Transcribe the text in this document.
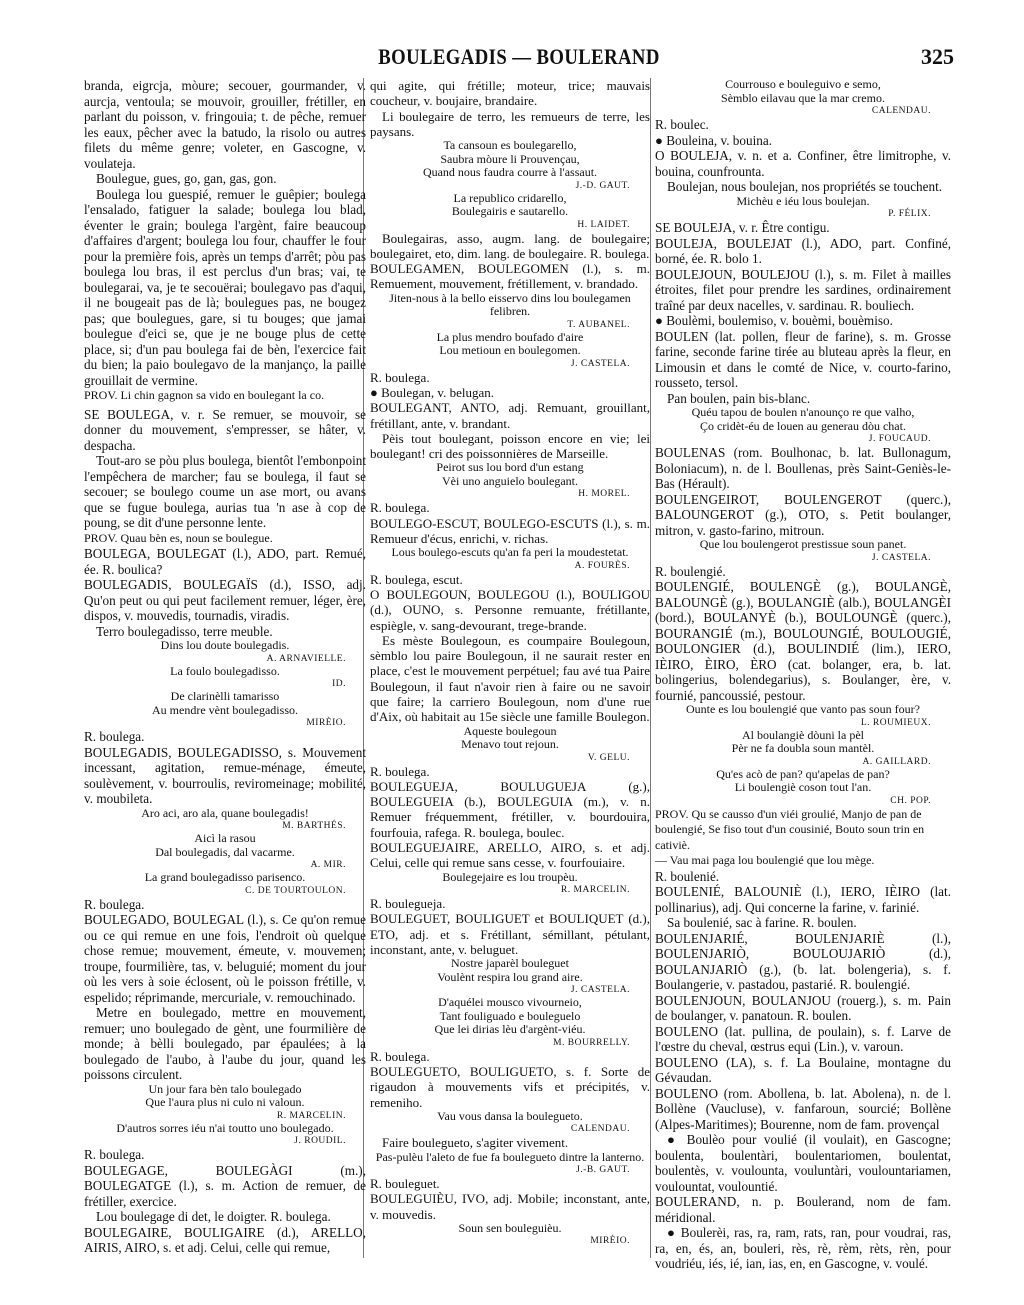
BOULEGADIS — BOULERAND	325
branda, eigrcja, mòure; secouer, gourmander, v. aurcja, ventoula; se mouvoir, grouiller, frétiller, en parlant du poisson, v. fringouia; t. de pêche, remuer les eaux, pêcher avec la batudo, la risolo ou autres filets du même genre; voleter, en Gascogne, v. voulateja.
Boulegue, gues, go, gan, gas, gon.
Boulega lou guespié, remuer le guêpier; boulega l'ensalado, fatiguer la salade; boulega lou blad, éventer le grain; boulega l'argènt, faire beaucoup d'affaires d'argent; boulega lou four, chauffer le four pour la première fois, après un temps d'arrêt; pòu pas boulega lou bras, il est perclus d'un bras; vai, te boulegarai, va, je te secouërai; boulegavo pas d'aqui, il ne bougeait pas de là; boulegues pas, ne bougez pas; que boulegues, gare, si tu bouges; que jamai boulegue d'eici se, que je ne bouge plus de cette place, si; d'un pau boulega fai de bèn, l'exercice fait du bien; la paio boulegavo de la manjanço, la paille grouillait de vermine.
PROV. Li chin gagnon sa vido en boulegant la co.
SE BOULEGA, v. r. Se remuer, se mouvoir, se donner du mouvement, s'empresser, se hâter, v. despacha.
Tout-aro se pòu plus boulega, bientôt l'embonpoint l'empêchera de marcher; fau se boulega, il faut se secouer; se boulego coume un ase mort, ou avans que se fugue boulega, aurias tua 'n ase à cop de poung, se dit d'une personne lente.
PROV. Quau bèn es, noun se boulegue.
BOULEGA, BOULEGAT (l.), ADO, part. Remué, ée. R. boulica?
BOULEGADIS, BOULEGAÏS (d.), ISSO, adj. Qu'on peut ou qui peut facilement remuer, léger, ère, dispos, v. mouvedis, tournadis, viradis.
Terro boulegadisso, terre meuble.
Dins lou doute boulegadis.
A. ARNAVIELLE.
La foulo boulegadisso.
ID.
De clarinèlli tamarisso
Au mendre vènt boulegadisso.
MIRÈIO.
R. boulega.
BOULEGADIS, BOULEGADISSO, s. Mouvement incessant, agitation, remue-ménage, émeute, soulèvement, v. bourroulis, reviromeinage; mobilité, v. moubileta.
Aro aci, aro ala, quane boulegadis!
M. BARTHÉS.
Aicì la rasou
Dal boulegadis, dal vacarme.
A. MIR.
La grand boulegadisso parisenco.
C. DE TOURTOULON.
R. boulega.
BOULEGADO, BOULEGAL (l.), s. Ce qu'on remue ou ce qui remue en une fois, l'endroit où quelque chose remue; mouvement, émeute, v. mouvemen; troupe, fourmilière, tas, v. beluguié; moment du jour où les vers à soie éclosent, où le poisson frétille, v. espelido; réprimande, mercuriale, v. remouchinado.
Metre en boulegado, mettre en mouvement, remuer; uno boulegado de gènt, une fourmilière de monde; à bèlli boulegado, par épaulées; à la boulegado de l'aubo, à l'aube du jour, quand les poissons circulent.
Un jour fara bèn talo boulegado
Que l'aura plus ni culo ni valoun.
R. MARCELIN.
D'autros sorres iéu n'ai toutto uno boulegado.
J. ROUDIL.
R. boulega.
BOULEGAGE, BOULEGÀGI (m.), BOULEGATGE (l.), s. m. Action de remuer, de frétiller, exercice.
Lou boulegage di det, le doigter. R. boulega.
BOULEGAIRE, BOULIGAIRE (d.), ARELLO, AIRIS, AIRO, s. et adj. Celui, celle qui remue,
qui agite, qui frétille; moteur, trice; mauvais coucheur, v. boujaire, brandaire.
Li boulegaire de terro, les remueurs de terre, les paysans.
Ta cansoun es boulegarello,
Saubra mòure li Prouvençau,
Quand nous faudra courre à l'assaut.
J.-D. GAUT.
La republico cridarello,
Boulegairis e sautarello.
H. LAIDET.
Boulegairas, asso, augm. lang. de boulegaire; boulegairet, eto, dim. lang. de boulegaire. R. boulega.
BOULEGAMEN, BOULEGOMEN (l.), s. m. Remuement, mouvement, frétillement, v. brandado.
Jiten-nous à la bello eisservo dins lou boulegamen felibren.
T. AUBANEL.
La plus mendro boufado d'aire
Lou metioun en boulegomen.
J. CASTELA.
R. boulega.
● Boulegan, v. belugan.
BOULEGANT, ANTO, adj. Remuant, grouillant, frétillant, ante, v. brandant.
Pèis tout boulegant, poisson encore en vie; lei boulegant! cri des poissonnières de Marseille.
Peirot sus lou bord d'un estang
Vèi uno anguielo boulegant.
H. MOREL.
R. boulega.
BOULEGO-ESCUT, BOULEGO-ESCUTS (l.), s. m. Remueur d'écus, enrichi, v. richas.
Lous boulego-escuts qu'an fa peri la moudestetat.
A. FOURÈS.
R. boulega, escut.
O BOULEGOUN, BOULEGOU (l.), BOULIGOU (d.), OUNO, s. Personne remuante, frétillante, espiègle, v. sang-devourant, trege-brande.
Es mèste Boulegoun, es coumpaire Boulegoun, sèmblo lou paire Boulegoun, il ne saurait rester en place, c'est le mouvement perpétuel; fau avé tua Paire Boulegoun, il faut n'avoir rien à faire ou ne savoir que faire; la carriero Boulegoun, nom d'une rue d'Aix, où habitait au 15e siècle une famille Boulegon.
Aqueste boulegoun
Menavo tout rejoun.
V. GELU.
R. boulega.
BOULEGUEJA, BOULUGUEJA (g.), BOULEGUEIA (b.), BOULEGUIA (m.), v. n. Remuer fréquemment, frétiller, v. bourdouira, fourfouia, rafega. R. boulega, boulec.
BOULEGUEJAIRE, ARELLO, AIRO, s. et adj. Celui, celle qui remue sans cesse, v. fourfouiaire.
Boulegejaire es lou troupèu.
R. MARCELIN.
R. boulegueja.
BOULEGUET, BOULIGUET et BOULIQUET (d.), ETO, adj. et s. Frétillant, sémillant, pétulant, inconstant, ante, v. beluguet.
Nostre japarèl bouleguet
Voulènt respira lou grand aire.
J. CASTELA.
D'aquélei mousco vivourneio,
Tant fouliguado e bouleguelo
Que lei dirias lèu d'argènt-viéu.
M. BOURRELLY.
R. boulega.
BOULEGUETO, BOULIGUETO, s. f. Sorte de rigaudon à mouvements vifs et précipités, v. remeniho.
Vau vous dansa la boulegueto.
CALENDAU.
Faire boulegueto, s'agiter vivement.
Pas-pulèu l'aleto de fue fa boulegueto dintre la lanterno.
J.-B. GAUT.
R. bouleguet.
BOULEGUIÈU, IVO, adj. Mobile; inconstant, ante, v. mouvedis.
Soun sen bouleguièu.
MIRÈIO.
Courrouso e bouleguivo e semo,
Sèmblo eilavau que la mar cremo.
CALENDAU.
R. boulec.
● Bouleina, v. bouina.
O BOULEJA, v. n. et a. Confiner, être limitrophe, v. bouina, counfrounta.
Boulejan, nous boulejan, nos propriétés se touchent.
Michèu e iéu lous boulejan.
P. FÉLIX.
SE BOULEJA, v. r. Être contigu.
BOULEJA, BOULEJAT (l.), ADO, part. Confiné, borné, ée. R. bolo 1.
BOULEJOUN, BOULEJOU (l.), s. m. Filet à mailles étroites, filet pour prendre les sardines, ordinairement traîné par deux nacelles, v. sardinau. R. bouliech.
● Boulèmi, boulemiso, v. bouèmi, bouèmiso.
BOULEN (lat. pollen, fleur de farine), s. m. Grosse farine, seconde farine tirée au bluteau après la fleur, en Limousin et dans le comté de Nice, v. courto-farino, rousseto, tersol.
Pan boulen, pain bis-blanc.
Quéu tapou de boulen n'anounço re que valho,
Ço cridèt-éu de louen au generau dòu chat.
J. FOUCAUD.
BOULENAS (rom. Boulhonac, b. lat. Bullonagum, Boloniacum), n. de l. Boullenas, près Saint-Geniès-le-Bas (Hérault).
BOULENGEIROT, BOULENGEROT (querc.), BALOUNGEROT (g.), OTO, s. Petit boulanger, mitron, v. gasto-farino, mitroun.
Que lou boulengerot prestissue soun panet.
J. CASTELA.
R. boulengié.
BOULENGIÉ, BOULENGÈ (g.), BOULANGÈ, BALOUNGÈ (g.), BOULANGIÈ (alb.), BOULANGÈI (bord.), BOULANYÈ (b.), BOULOUNGÈ (querc.), BOURANGIÉ (m.), BOULOUNGIÉ, BOULOUGIÉ, BOULONGIER (d.), BOULINDIÉ (lim.), IERO, IÈIRO, ÈIRO, ÈRO (cat. bolanger, era, b. lat. bolingerius, bolendegarius), s. Boulanger, ère, v. fournié, pancoussié, pestour.
Ounte es lou boulengié que vanto pas soun four?
L. ROUMIEUX.
Al boulangiè dòuni la pèl
Pèr ne fa doubla soun mantèl.
A. GAILLARD.
Qu'es acò de pan? qu'apelas de pan?
Li boulengiè coson tout l'an.
CH. POP.
PROV. Qu se causso d'un viéi groulié, Manjo de pan de boulengié, Se fiso tout d'un cousinié, Bouto soun trin en cativiè.
— Vau mai paga lou boulengié que lou mège.
R. boulenié.
BOULENIÉ, BALOUNIÈ (l.), IERO, IÈIRO (lat. pollinarius), adj. Qui concerne la farine, v. farinié.
Sa boulenié, sac à farine. R. boulen.
BOULENJARIÉ, BOULENJARIÈ (l.), BOULENJARIÒ, BOULOUJARIÒ (d.), BOULANJARIÒ (g.), (b. lat. bolengeria), s. f. Boulangerie, v. pastadou, pastarié. R. boulengié.
BOULENJOUN, BOULANJOU (rouerg.), s. m. Pain de boulanger, v. panatoun. R. boulen.
BOULENO (lat. pullina, de poulain), s. f. Larve de l'œstre du cheval, œstrus equi (Lin.), v. varoun.
BOULENO (LA), s. f. La Boulaine, montagne du Gévaudan.
BOULENO (rom. Abollena, b. lat. Abolena), n. de l. Bollène (Vaucluse), v. fanfaroun, sourcié; Bollène (Alpes-Maritimes); Bourenne, nom de fam. provençal
● Boulèo pour voulié (il voulait), en Gascogne; boulenta, boulentàri, boulentariomen, boulentat, boulentès, v. voulounta, vouluntàri, voulountariamen, voulountat, voulountié.
BOULERAND, n. p. Boulerand, nom de fam. méridional.
● Boulerèi, ras, ra, ram, rats, ran, pour voudrai, ras, ra, en, és, an, bouleri, rès, rè, rèm, rèts, rèn, pour voudriéu, iés, ié, ian, ias, en, en Gascogne, v. voulé.
